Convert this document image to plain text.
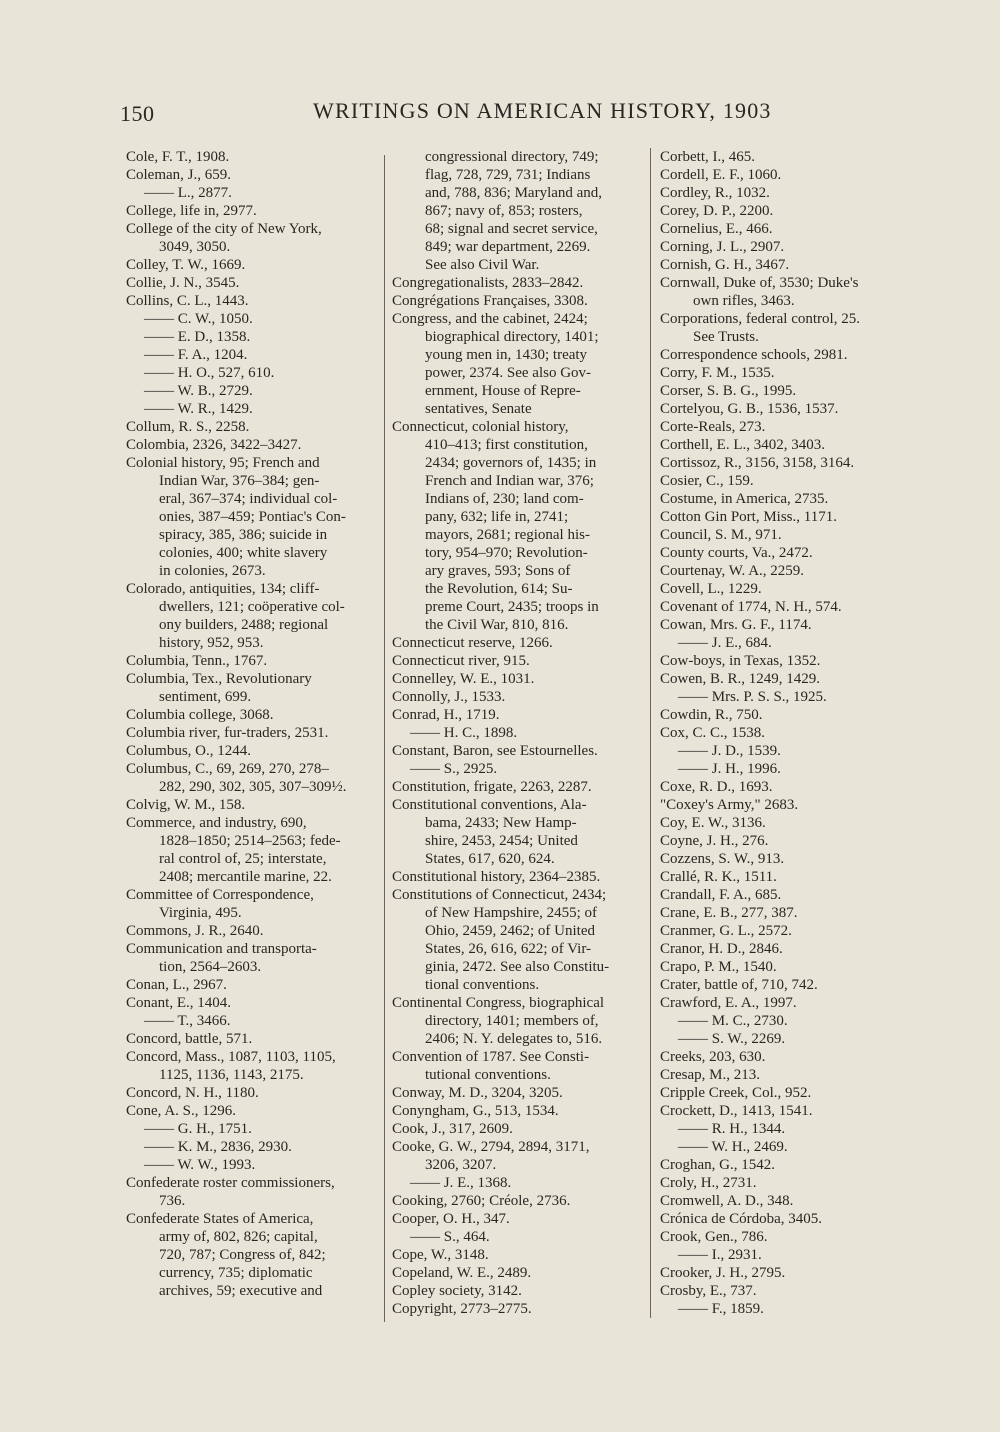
150	WRITINGS ON AMERICAN HISTORY, 1903
Cole, F. T., 1908.
Coleman, J., 659.
—— L., 2877.
College, life in, 2977.
College of the city of New York,
3049, 3050.
Colley, T. W., 1669.
Collie, J. N., 3545.
Collins, C. L., 1443.
—— C. W., 1050.
—— E. D., 1358.
—— F. A., 1204.
—— H. O., 527, 610.
—— W. B., 2729.
—— W. R., 1429.
Collum, R. S., 2258.
Colombia, 2326, 3422–3427.
Colonial history, 95; French and
Indian War, 376–384; gen-
eral, 367–374; individual col-
onies, 387–459; Pontiac's Con-
spiracy, 385, 386; suicide in
colonies, 400; white slavery
in colonies, 2673.
Colorado, antiquities, 134; cliff-
dwellers, 121; coöperative col-
ony builders, 2488; regional
history, 952, 953.
Columbia, Tenn., 1767.
Columbia, Tex., Revolutionary
sentiment, 699.
Columbia college, 3068.
Columbia river, fur-traders, 2531.
Columbus, O., 1244.
Columbus, C., 69, 269, 270, 278–
282, 290, 302, 305, 307–309½.
Colvig, W. M., 158.
Commerce, and industry, 690,
1828–1850; 2514–2563; fede-
ral control of, 25; interstate,
2408; mercantile marine, 22.
Committee of Correspondence,
Virginia, 495.
Commons, J. R., 2640.
Communication and transporta-
tion, 2564–2603.
Conan, L., 2967.
Conant, E., 1404.
—— T., 3466.
Concord, battle, 571.
Concord, Mass., 1087, 1103, 1105,
1125, 1136, 1143, 2175.
Concord, N. H., 1180.
Cone, A. S., 1296.
—— G. H., 1751.
—— K. M., 2836, 2930.
—— W. W., 1993.
Confederate roster commissioners,
736.
Confederate States of America,
army of, 802, 826; capital,
720, 787; Congress of, 842;
currency, 735; diplomatic
archives, 59; executive and
congressional directory, 749;
flag, 728, 729, 731; Indians
and, 788, 836; Maryland and,
867; navy of, 853; rosters,
68; signal and secret service,
849; war department, 2269.
See also Civil War.
Congregationalists, 2833–2842.
Congrégations Françaises, 3308.
Congress, and the cabinet, 2424;
biographical directory, 1401;
young men in, 1430; treaty
power, 2374. See also Gov-
ernment, House of Repre-
sentatives, Senate
Connecticut, colonial history,
410–413; first constitution,
2434; governors of, 1435; in
French and Indian war, 376;
Indians of, 230; land com-
pany, 632; life in, 2741;
mayors, 2681; regional his-
tory, 954–970; Revolution-
ary graves, 593; Sons of
the Revolution, 614; Su-
preme Court, 2435; troops in
the Civil War, 810, 816.
Connecticut reserve, 1266.
Connecticut river, 915.
Connelley, W. E., 1031.
Connolly, J., 1533.
Conrad, H., 1719.
—— H. C., 1898.
Constant, Baron, see Estournelles.
—— S., 2925.
Constitution, frigate, 2263, 2287.
Constitutional conventions, Ala-
bama, 2433; New Hamp-
shire, 2453, 2454; United
States, 617, 620, 624.
Constitutional history, 2364–2385.
Constitutions of Connecticut, 2434;
of New Hampshire, 2455; of
Ohio, 2459, 2462; of United
States, 26, 616, 622; of Vir-
ginia, 2472. See also Constitu-
tional conventions.
Continental Congress, biographical
directory, 1401; members of,
2406; N. Y. delegates to, 516.
Convention of 1787. See Consti-
tutional conventions.
Conway, M. D., 3204, 3205.
Conyngham, G., 513, 1534.
Cook, J., 317, 2609.
Cooke, G. W., 2794, 2894, 3171,
3206, 3207.
—— J. E., 1368.
Cooking, 2760; Créole, 2736.
Cooper, O. H., 347.
—— S., 464.
Cope, W., 3148.
Copeland, W. E., 2489.
Copley society, 3142.
Copyright, 2773–2775.
Corbett, I., 465.
Cordell, E. F., 1060.
Cordley, R., 1032.
Corey, D. P., 2200.
Cornelius, E., 466.
Corning, J. L., 2907.
Cornish, G. H., 3467.
Cornwall, Duke of, 3530; Duke's
own rifles, 3463.
Corporations, federal control, 25.
See Trusts.
Correspondence schools, 2981.
Corry, F. M., 1535.
Corser, S. B. G., 1995.
Cortelyou, G. B., 1536, 1537.
Corte-Reals, 273.
Corthell, E. L., 3402, 3403.
Cortissoz, R., 3156, 3158, 3164.
Cosier, C., 159.
Costume, in America, 2735.
Cotton Gin Port, Miss., 1171.
Council, S. M., 971.
County courts, Va., 2472.
Courtenay, W. A., 2259.
Covell, L., 1229.
Covenant of 1774, N. H., 574.
Cowan, Mrs. G. F., 1174.
—— J. E., 684.
Cow-boys, in Texas, 1352.
Cowen, B. R., 1249, 1429.
—— Mrs. P. S. S., 1925.
Cowdin, R., 750.
Cox, C. C., 1538.
—— J. D., 1539.
—— J. H., 1996.
Coxe, R. D., 1693.
"Coxey's Army," 2683.
Coy, E. W., 3136.
Coyne, J. H., 276.
Cozzens, S. W., 913.
Crallé, R. K., 1511.
Crandall, F. A., 685.
Crane, E. B., 277, 387.
Cranmer, G. L., 2572.
Cranor, H. D., 2846.
Crapo, P. M., 1540.
Crater, battle of, 710, 742.
Crawford, E. A., 1997.
—— M. C., 2730.
—— S. W., 2269.
Creeks, 203, 630.
Cresap, M., 213.
Cripple Creek, Col., 952.
Crockett, D., 1413, 1541.
—— R. H., 1344.
—— W. H., 2469.
Croghan, G., 1542.
Croly, H., 2731.
Cromwell, A. D., 348.
Crónica de Córdoba, 3405.
Crook, Gen., 786.
—— I., 2931.
Crooker, J. H., 2795.
Crosby, E., 737.
—— F., 1859.
